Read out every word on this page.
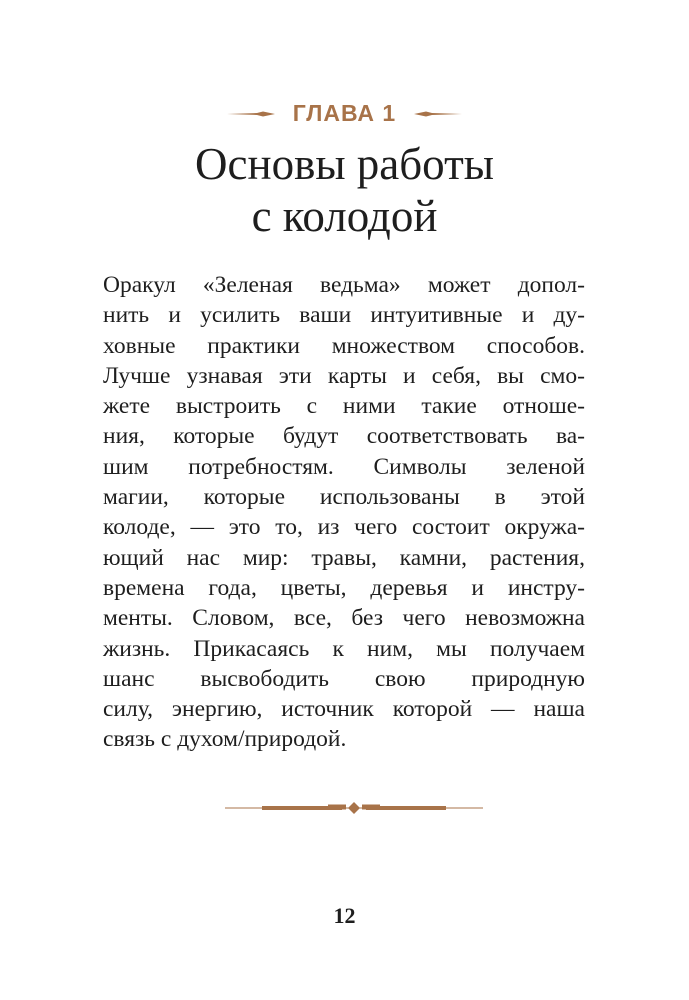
ГЛАВА 1
Основы работы
с колодой
Оракул «Зеленая ведьма» может допол-
нить и усилить ваши интуитивные и ду-
ховные практики множеством способов.
Лучше узнавая эти карты и себя, вы смо-
жете выстроить с ними такие отноше-
ния, которые будут соответствовать ва-
шим потребностям. Символы зеленой
магии, которые использованы в этой
колоде, — это то, из чего состоит окружа-
ющий нас мир: травы, камни, растения,
времена года, цветы, деревья и инстру-
менты. Словом, все, без чего невозможна
жизнь. Прикасаясь к ним, мы получаем
шанс высвободить свою природную
силу, энергию, источник которой — наша
связь с духом/природой.
12
